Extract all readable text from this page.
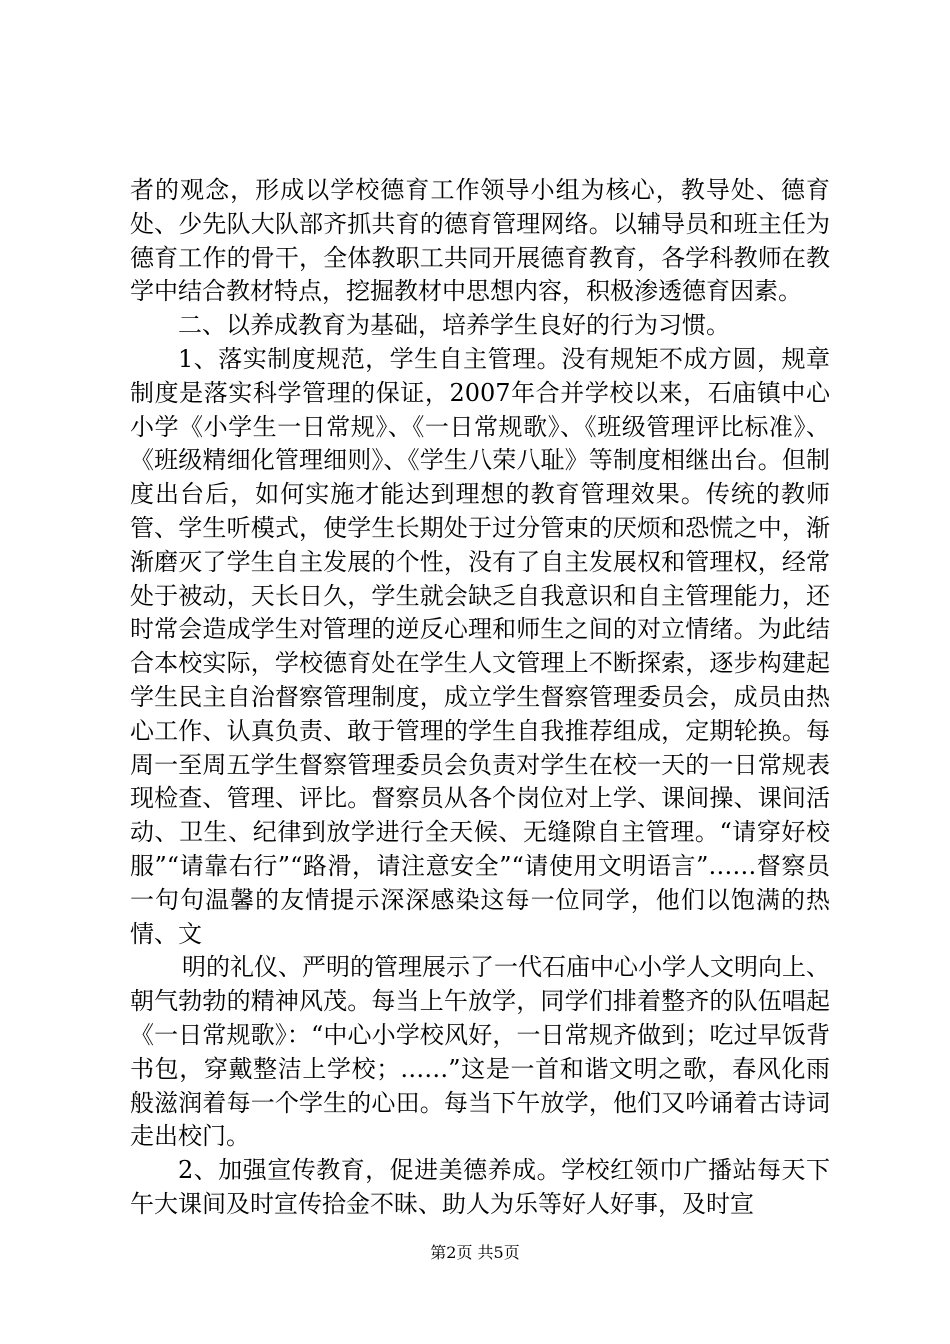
者的观念，形成以学校德育工作领导小组为核心，教导处、德育处、少先队大队部齐抓共育的德育管理网络。以辅导员和班主任为德育工作的骨干，全体教职工共同开展德育教育，各学科教师在教学中结合教材特点，挖掘教材中思想内容，积极渗透德育因素。

二、以养成教育为基础，培养学生良好的行为习惯。

1、落实制度规范，学生自主管理。没有规矩不成方圆，规章制度是落实科学管理的保证，2007年合并学校以来，石庙镇中心小学《小学生一日常规》、《一日常规歌》、《班级管理评比标准》、《班级精细化管理细则》、《学生八荣八耻》等制度相继出台。但制度出台后，如何实施才能达到理想的教育管理效果。传统的教师管、学生听模式，使学生长期处于过分管束的厌烦和恐慌之中，渐渐磨灭了学生自主发展的个性，没有了自主发展权和管理权，经常处于被动，天长日久，学生就会缺乏自我意识和自主管理能力，还时常会造成学生对管理的逆反心理和师生之间的对立情绪。为此结合本校实际，学校德育处在学生人文管理上不断探索，逐步构建起学生民主自治督察管理制度，成立学生督察管理委员会，成员由热心工作、认真负责、敢于管理的学生自我推荐组成，定期轮换。每周一至周五学生督察管理委员会负责对学生在校一天的一日常规表现检查、管理、评比。督察员从各个岗位对上学、课间操、课间活动、卫生、纪律到放学进行全天候、无缝隙自主管理。“请穿好校服”“请靠右行”“路滑，请注意安全”“请使用文明语言”……督察员一句句温馨的友情提示深深感染这每一位同学，他们以饱满的热情、文

明的礼仪、严明的管理展示了一代石庙中心小学人文明向上、朝气勃勃的精神风茂。每当上午放学，同学们排着整齐的队伍唱起《一日常规歌》：“中心小学校风好，一日常规齐做到；吃过早饭背书包，穿戴整洁上学校；……”这是一首和谐文明之歌，春风化雨般滋润着每一个学生的心田。每当下午放学，他们又吟诵着古诗词走出校门。

2、加强宣传教育，促进美德养成。学校红领巾广播站每天下午大课间及时宣传拾金不昧、助人为乐等好人好事，及时宣

第2页 共5页
